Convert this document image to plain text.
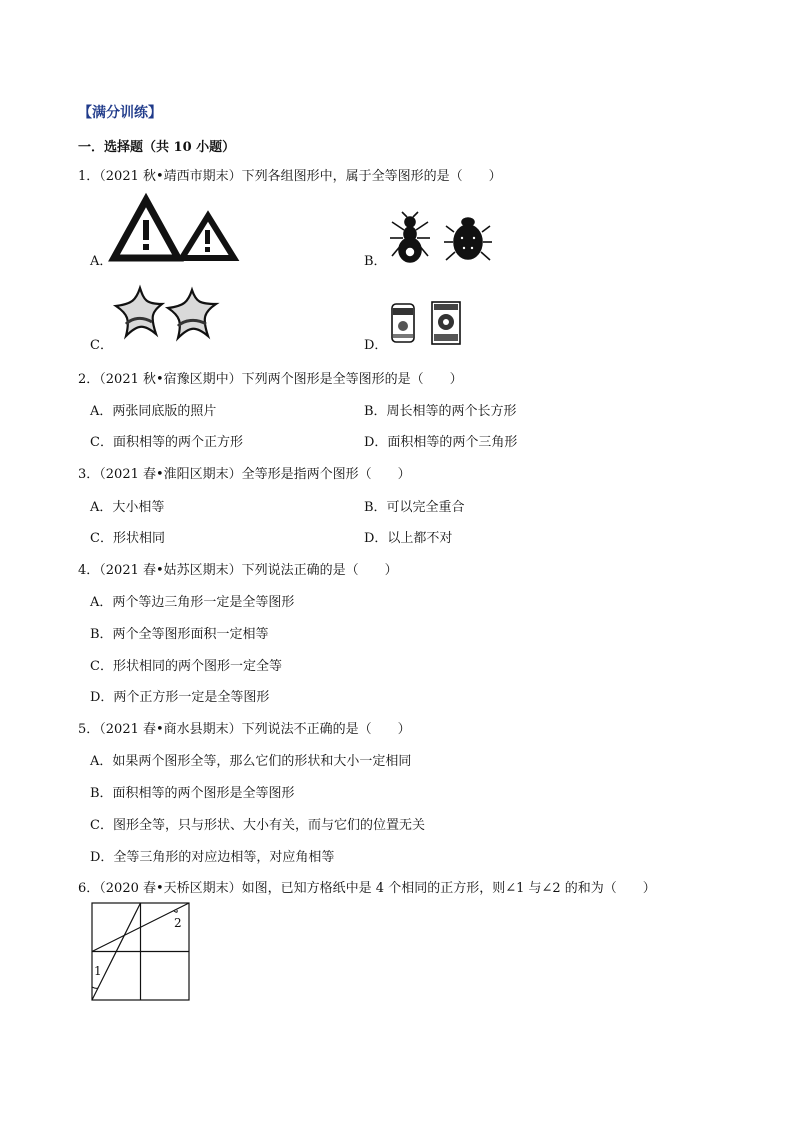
【满分训练】
一．选择题（共 10 小题）
1．（2021 秋•靖西市期末）下列各组图形中，属于全等图形的是（　　）
A．	B．
C．	D．
2．（2021 秋•宿豫区期中）下列两个图形是全等图形的是（　　）
A．两张同底版的照片	B．周长相等的两个长方形
C．面积相等的两个正方形	D．面积相等的两个三角形
3．（2021 春•淮阳区期末）全等形是指两个图形（　　）
A．大小相等	B．可以完全重合
C．形状相同	D．以上都不对
4．（2021 春•姑苏区期末）下列说法正确的是（　　）
A．两个等边三角形一定是全等图形
B．两个全等图形面积一定相等
C．形状相同的两个图形一定全等
D．两个正方形一定是全等图形
5．（2021 春•商水县期末）下列说法不正确的是（　　）
A．如果两个图形全等，那么它们的形状和大小一定相同
B．面积相等的两个图形是全等图形
C．图形全等，只与形状、大小有关，而与它们的位置无关
D．全等三角形的对应边相等，对应角相等
6．（2020 春•天桥区期末）如图，已知方格纸中是 4 个相同的正方形，则∠1 与∠2 的和为（　　）
1
2
